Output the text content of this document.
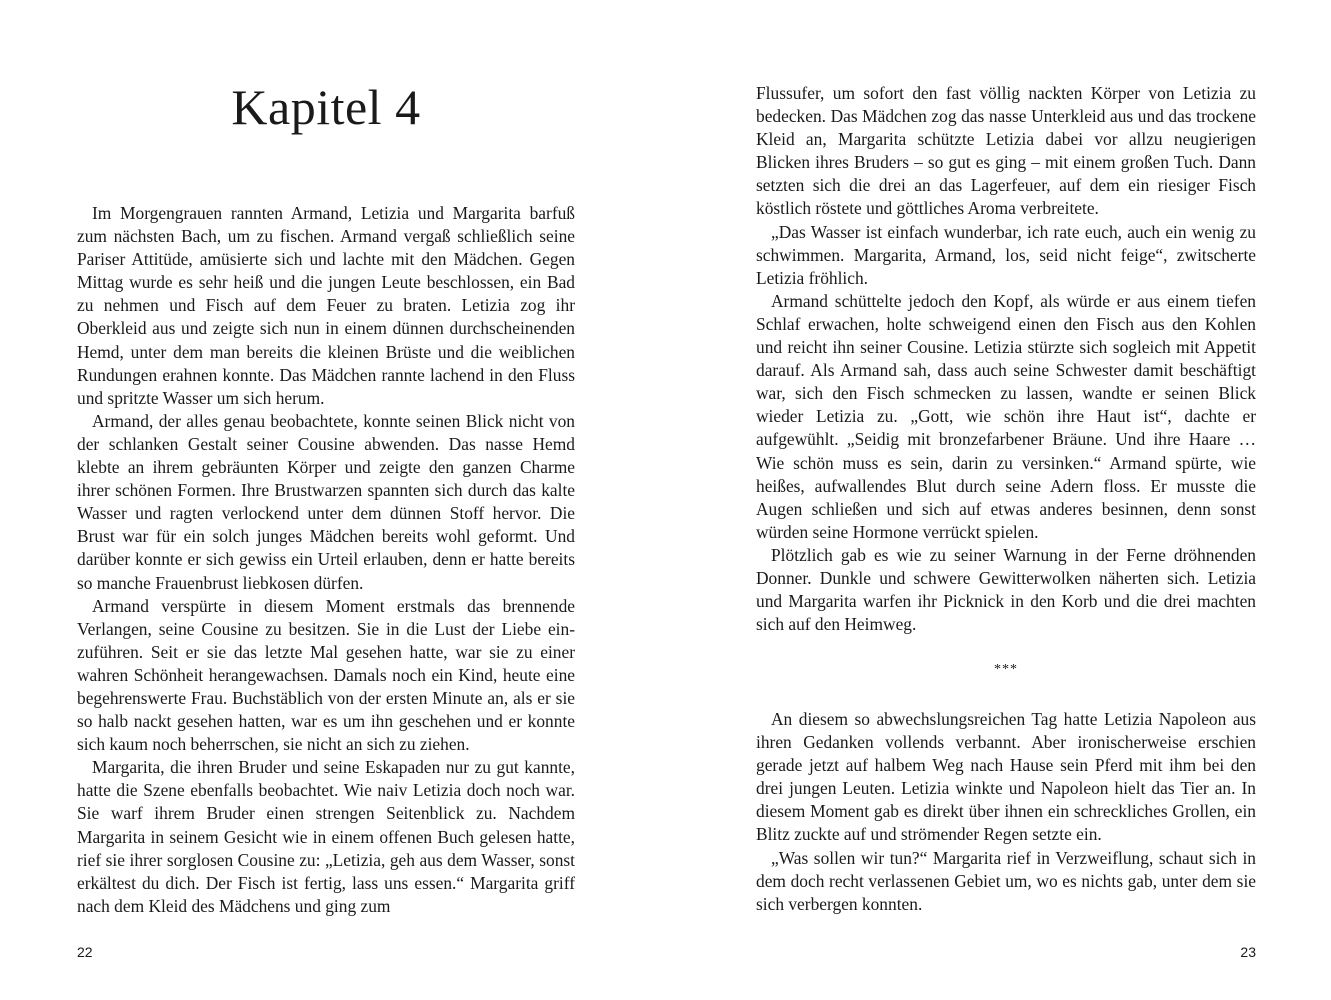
Kapitel 4

Im Morgengrauen rannten Armand, Letizia und Margarita barfuß zum nächsten Bach, um zu fischen. Armand vergaß schließlich seine Pariser Attitüde, amüsierte sich und lachte mit den Mädchen. Gegen Mittag wurde es sehr heiß und die jungen Leute beschlossen, ein Bad zu nehmen und Fisch auf dem Feuer zu braten. Letizia zog ihr Oberkleid aus und zeigte sich nun in einem dünnen durchscheinenden Hemd, unter dem man bereits die kleinen Brüste und die weiblichen Rundungen erahnen konnte. Das Mädchen rannte lachend in den Fluss und spritzte Wasser um sich herum.

Armand, der alles genau beobachtete, konnte seinen Blick nicht von der schlanken Gestalt seiner Cousine abwenden. Das nasse Hemd klebte an ihrem gebräunten Körper und zeigte den ganzen Charme ihrer schönen Formen. Ihre Brustwarzen spannten sich durch das kalte Wasser und ragten verlockend unter dem dünnen Stoff hervor. Die Brust war für ein solch junges Mädchen bereits wohl geformt. Und darüber konnte er sich gewiss ein Urteil erlauben, denn er hatte bereits so manche Frauenbrust liebkosen dürfen.

Armand verspürte in diesem Moment erstmals das brennende Verlangen, seine Cousine zu besitzen. Sie in die Lust der Liebe einzuführen. Seit er sie das letzte Mal gesehen hatte, war sie zu einer wahren Schönheit herangewachsen. Damals noch ein Kind, heute eine begehrenswerte Frau. Buchstäblich von der ersten Minute an, als er sie so halb nackt gesehen hatten, war es um ihn geschehen und er konnte sich kaum noch beherrschen, sie nicht an sich zu ziehen.

Margarita, die ihren Bruder und seine Eskapaden nur zu gut kannte, hatte die Szene ebenfalls beobachtet. Wie naiv Letizia doch noch war. Sie warf ihrem Bruder einen strengen Seitenblick zu. Nachdem Margarita in seinem Gesicht wie in einem offenen Buch gelesen hatte, rief sie ihrer sorglosen Cousine zu: „Letizia, geh aus dem Wasser, sonst erkältest du dich. Der Fisch ist fertig, lass uns essen.“ Margarita griff nach dem Kleid des Mädchens und ging zum

22

Flussufer, um sofort den fast völlig nackten Körper von Letizia zu bedecken. Das Mädchen zog das nasse Unterkleid aus und das trockene Kleid an, Margarita schützte Letizia dabei vor allzu neugierigen Blicken ihres Bruders – so gut es ging – mit einem großen Tuch. Dann setzten sich die drei an das Lagerfeuer, auf dem ein riesiger Fisch köstlich röstete und göttliches Aroma verbreitete.

„Das Wasser ist einfach wunderbar, ich rate euch, auch ein wenig zu schwimmen. Margarita, Armand, los, seid nicht feige“, zwitscherte Letizia fröhlich.

Armand schüttelte jedoch den Kopf, als würde er aus einem tiefen Schlaf erwachen, holte schweigend einen den Fisch aus den Kohlen und reicht ihn seiner Cousine. Letizia stürzte sich sogleich mit Appetit darauf. Als Armand sah, dass auch seine Schwester damit beschäftigt war, sich den Fisch schmecken zu lassen, wandte er seinen Blick wieder Letizia zu. „Gott, wie schön ihre Haut ist“, dachte er aufgewühlt. „Seidig mit bronzefarbener Bräune. Und ihre Haare … Wie schön muss es sein, darin zu versinken.“ Armand spürte, wie heißes, aufwallendes Blut durch seine Adern floss. Er musste die Augen schließen und sich auf etwas anderes besinnen, denn sonst würden seine Hormone verrückt spielen.

Plötzlich gab es wie zu seiner Warnung in der Ferne dröhnenden Donner. Dunkle und schwere Gewitterwolken näherten sich. Letizia und Margarita warfen ihr Picknick in den Korb und die drei machten sich auf den Heimweg.

***

An diesem so abwechslungsreichen Tag hatte Letizia Napoleon aus ihren Gedanken vollends verbannt. Aber ironischerweise erschien gerade jetzt auf halbem Weg nach Hause sein Pferd mit ihm bei den drei jungen Leuten. Letizia winkte und Napoleon hielt das Tier an. In diesem Moment gab es direkt über ihnen ein schreckliches Grollen, ein Blitz zuckte auf und strömender Regen setzte ein.

„Was sollen wir tun?“ Margarita rief in Verzweiflung, schaut sich in dem doch recht verlassenen Gebiet um, wo es nichts gab, unter dem sie sich verbergen konnten.

23
